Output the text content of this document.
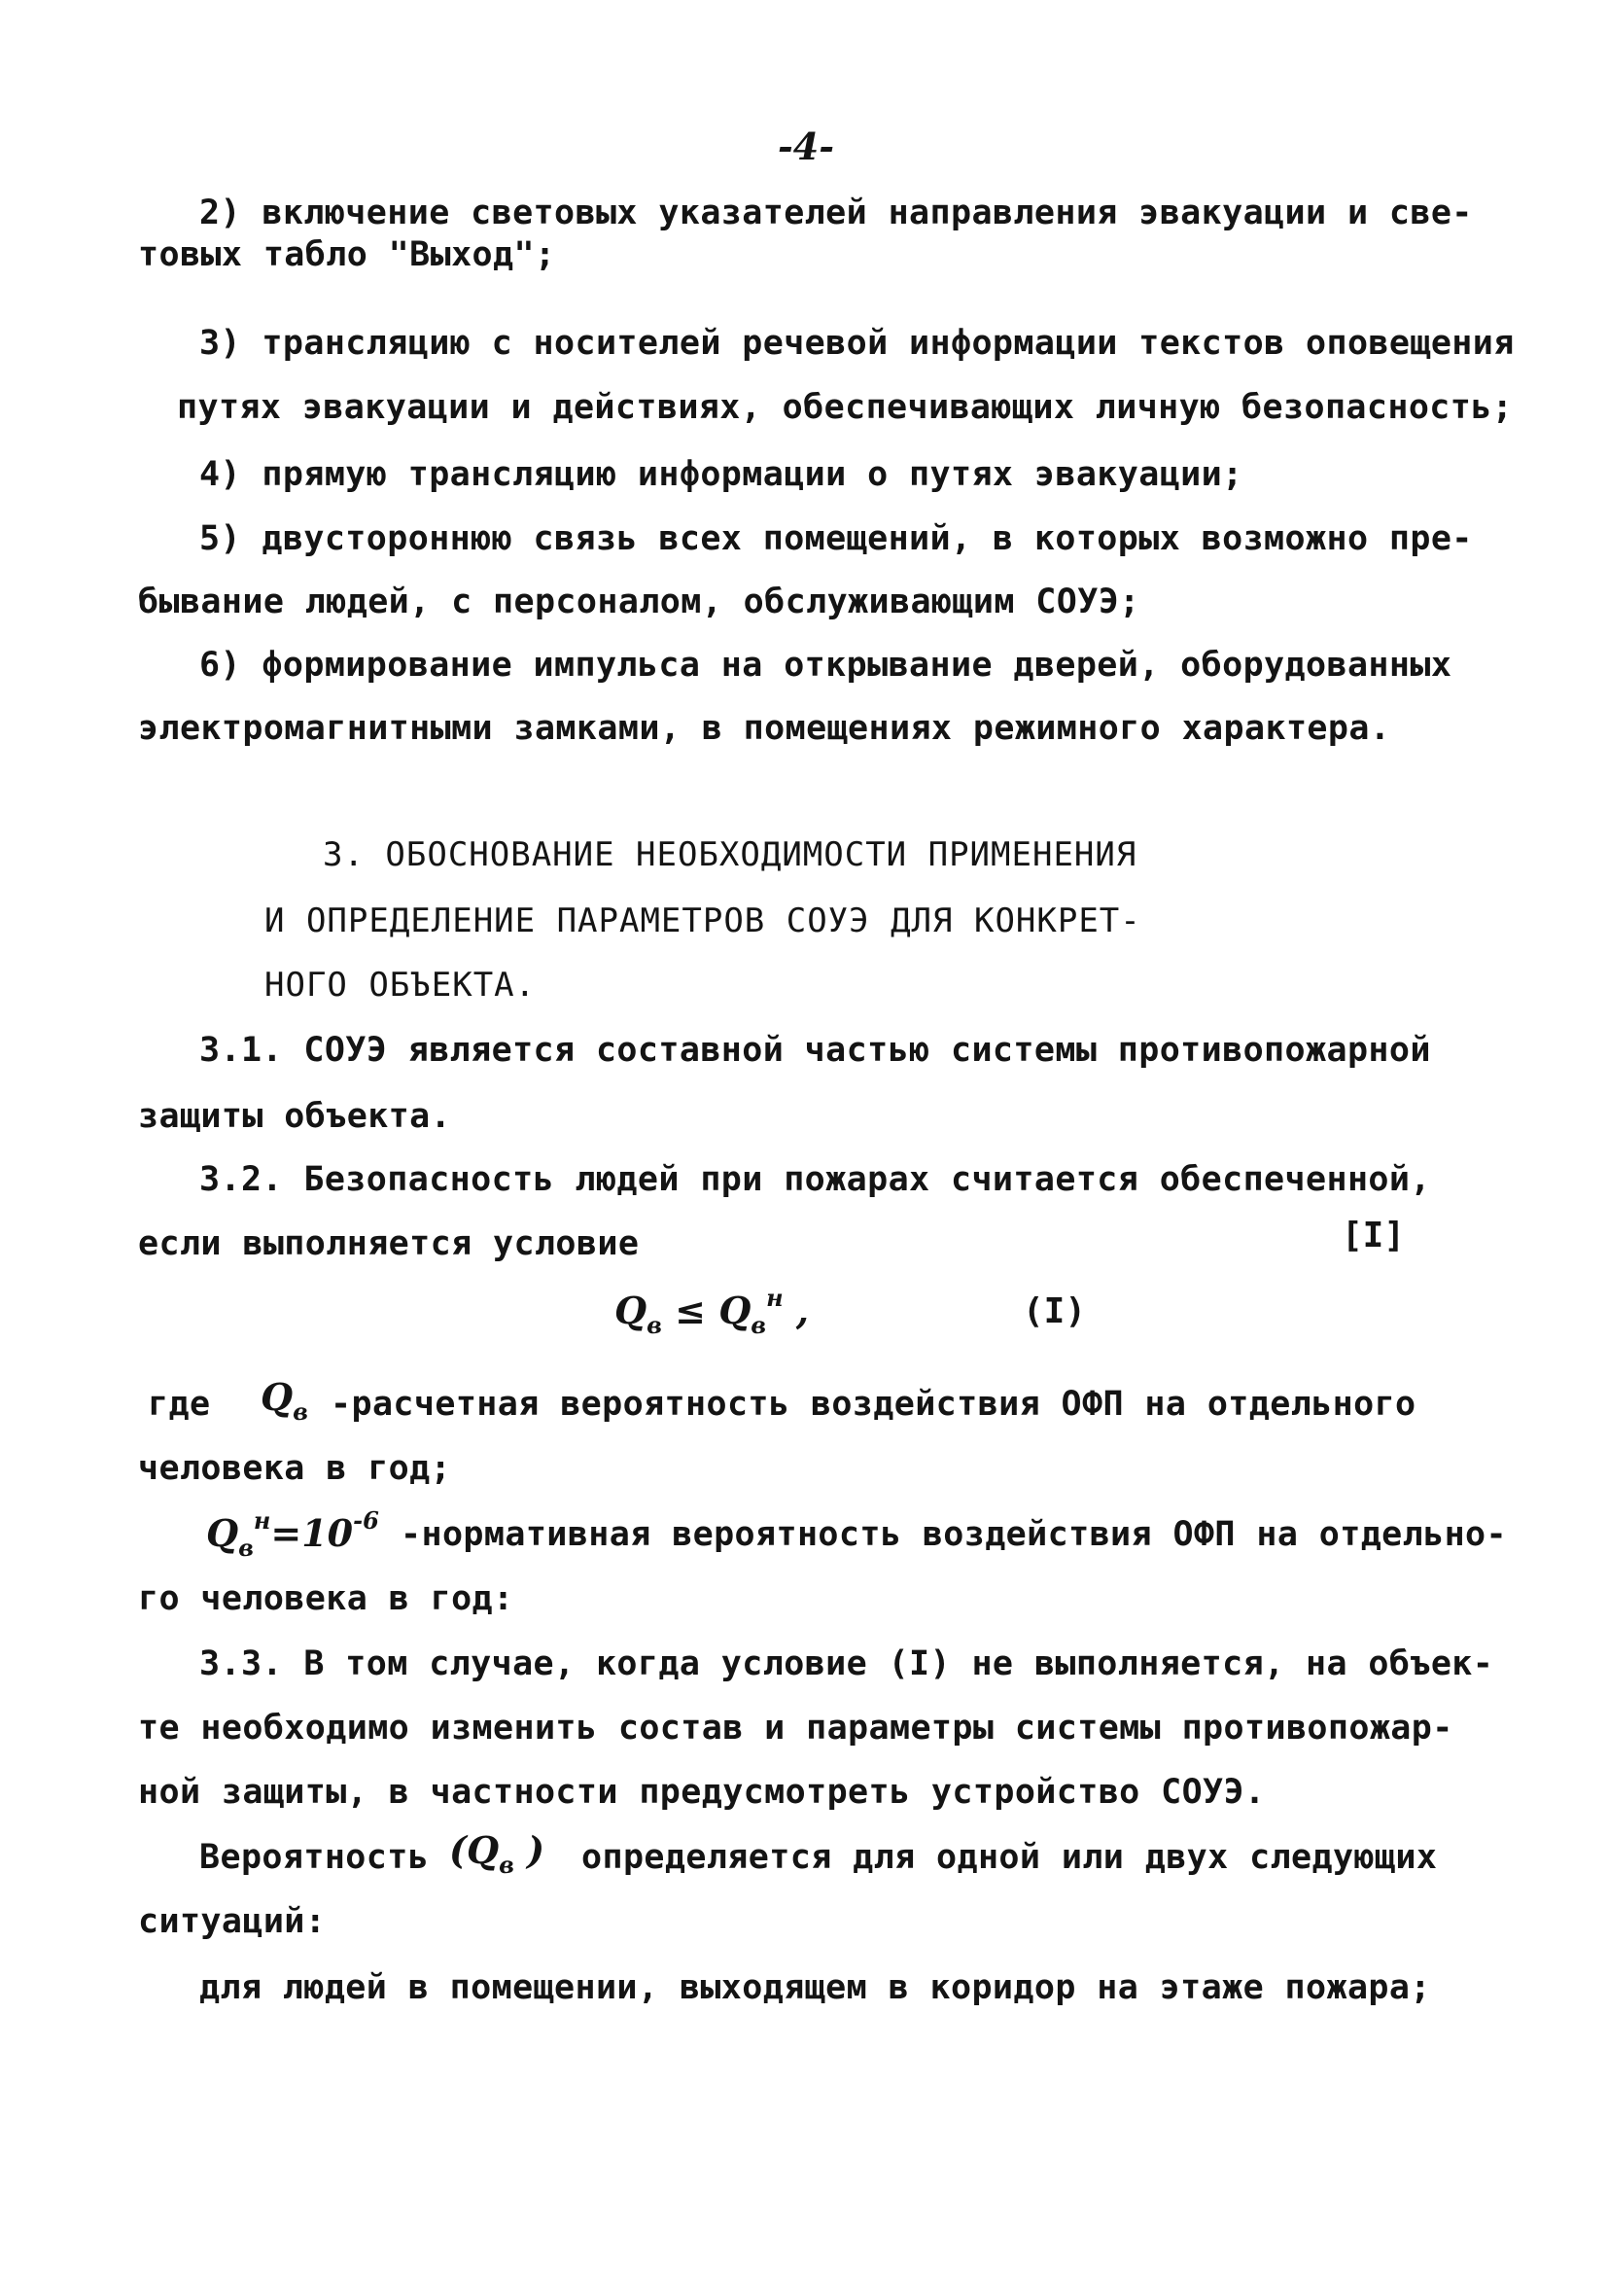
-4-
2) включение световых указателей направления эвакуации и све-
товых табло "Выход";
3) трансляцию с носителей речевой информации текстов оповещения
путях эвакуации и действиях, обеспечивающих личную безопасность;
4) прямую трансляцию информации о путях эвакуации;
5) двустороннюю связь всех помещений, в которых возможно пре-
бывание людей, с персоналом, обслуживающим СОУЭ;
6) формирование импульса на открывание дверей, оборудованных
электромагнитными замками, в помещениях режимного характера.
3. ОБОСНОВАНИЕ НЕОБХОДИМОСТИ ПРИМЕНЕНИЯ
И ОПРЕДЕЛЕНИЕ ПАРАМЕТРОВ СОУЭ ДЛЯ КОНКРЕТ-
НОГО ОБЪЕКТА.
3.1. СОУЭ является составной частью системы противопожарной
защиты объекта.
3.2. Безопасность людей при пожарах считается обеспеченной,
если выполняется условие	[I]
$Q_в \le Q_в^н$ ,	(I)
где $Q_в$ -расчетная вероятность воздействия ОФП на отдельного
человека в год;
$Q_в^н=10^{-6}$ -нормативная вероятность воздействия ОФП на отдельно-
го человека в год:
3.3. В том случае, когда условие (I) не выполняется, на объек-
те необходимо изменить состав и параметры системы противопожар-
ной защиты, в частности предусмотреть устройство СОУЭ.
Вероятность ($Q_в$ ) определяется для одной или двух следующих
ситуаций:
для людей в помещении, выходящем в коридор на этаже пожара;
